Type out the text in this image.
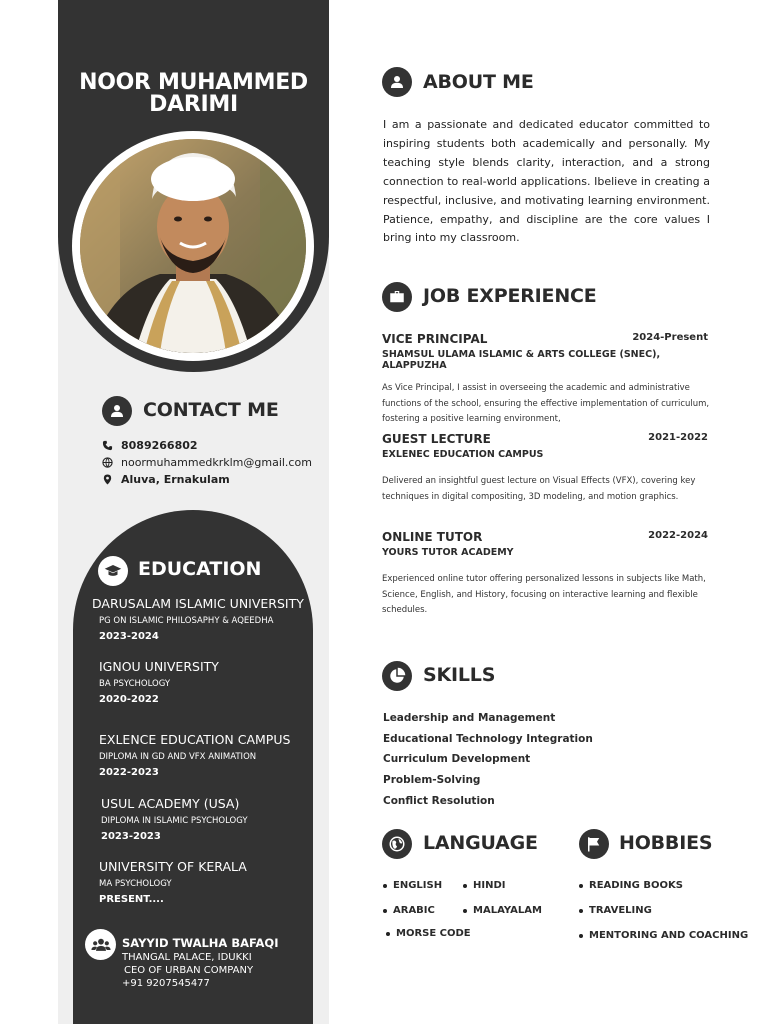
NOOR MUHAMMED
DARIMI
CONTACT ME
8089266802
noormuhammedkrklm@gmail.com
Aluva, Ernakulam
EDUCATION
DARUSALAM ISLAMIC UNIVERSITY
PG ON ISLAMIC PHILOSAPHY & AQEEDHA
2023-2024
IGNOU UNIVERSITY
BA PSYCHOLOGY
2020-2022
EXLENCE EDUCATION CAMPUS
DIPLOMA IN GD AND VFX ANIMATION
2022-2023
USUL ACADEMY (USA)
DIPLOMA IN ISLAMIC PSYCHOLOGY
2023-2023
UNIVERSITY OF KERALA
MA PSYCHOLOGY
PRESENT....
SAYYID TWALHA BAFAQI
THANGAL PALACE, IDUKKI
CEO OF URBAN COMPANY
+91 9207545477
ABOUT ME
I am a passionate and dedicated educator committed to inspiring students both academically and personally. My teaching style blends clarity, interaction, and a strong connection to real-world applications. Ibelieve in creating a respectful, inclusive, and motivating learning environment. Patience, empathy, and discipline are the core values I bring into my classroom.
JOB EXPERIENCE
VICE PRINCIPAL	2024-Present
SHAMSUL ULAMA ISLAMIC & ARTS COLLEGE (SNEC), ALAPPUZHA
As Vice Principal, I assist in overseeing the academic and administrative functions of the school, ensuring the effective implementation of curriculum, fostering a positive learning environment,
GUEST LECTURE	2021-2022
EXLENEC EDUCATION CAMPUS
Delivered an insightful guest lecture on Visual Effects (VFX), covering key techniques in digital compositing, 3D modeling, and motion graphics.
ONLINE TUTOR	2022-2024
YOURS TUTOR ACADEMY
Experienced online tutor offering personalized lessons in subjects like Math, Science, English, and History, focusing on interactive learning and flexible schedules.
SKILLS
Leadership and Management
Educational Technology Integration
Curriculum Development
Problem-Solving
Conflict Resolution
LANGUAGE
ENGLISH	HINDI
ARABIC	MALAYALAM
MORSE CODE
HOBBIES
READING BOOKS
TRAVELING
MENTORING AND COACHING
